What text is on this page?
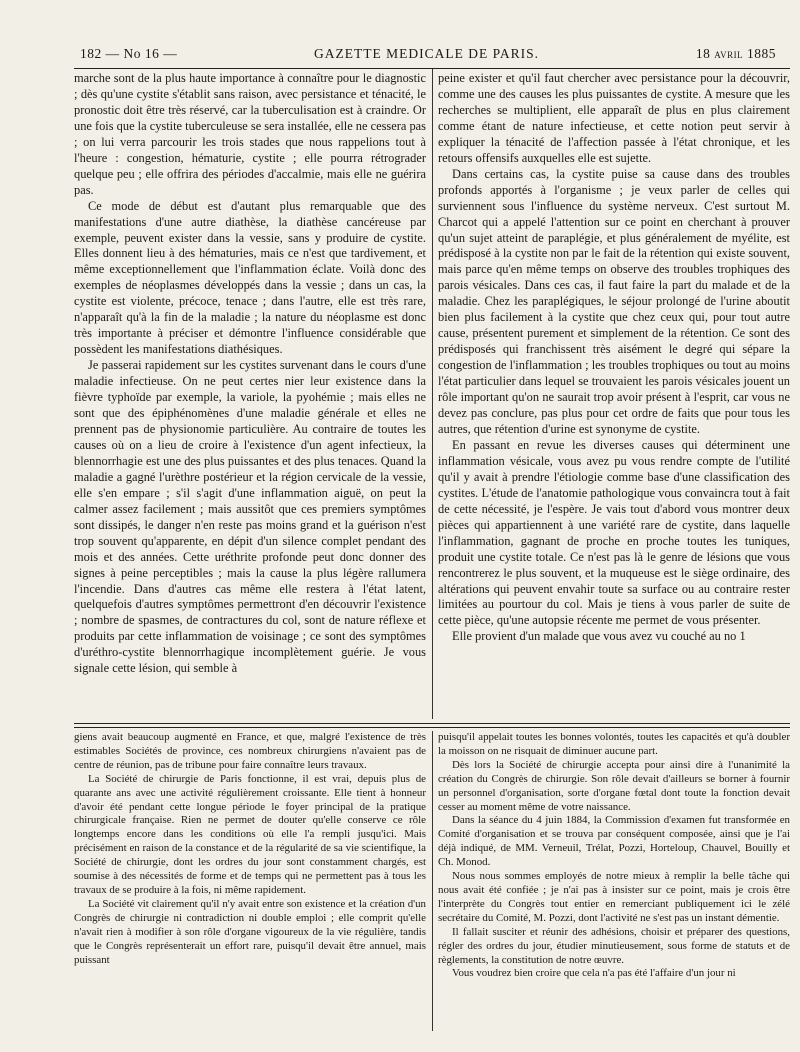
182 — No 16 —	GAZETTE MEDICALE DE PARIS.	18 avril 1885

marche sont de la plus haute importance à connaître pour le diagnostic ; dès qu'une cystite s'établit sans raison, avec persistance et ténacité, le pronostic doit être très réservé, car la tuberculisation est à craindre. Or une fois que la cystite tuberculeuse se sera installée, elle ne cessera pas ; on lui verra parcourir les trois stades que nous rappelions tout à l'heure : congestion, hématurie, cystite ; elle pourra rétrograder quelque peu ; elle offrira des périodes d'accalmie, mais elle ne guérira pas.

Ce mode de début est d'autant plus remarquable que des manifestations d'une autre diathèse, la diathèse cancéreuse par exemple, peuvent exister dans la vessie, sans y produire de cystite. Elles donnent lieu à des hématuries, mais ce n'est que tardivement, et même exceptionnellement que l'inflammation éclate. Voilà donc des exemples de néoplasmes développés dans la vessie ; dans un cas, la cystite est violente, précoce, tenace ; dans l'autre, elle est très rare, n'apparaît qu'à la fin de la maladie ; la nature du néoplasme est donc très importante à préciser et démontre l'influence considérable que possèdent les manifestations diathésiques.

Je passerai rapidement sur les cystites survenant dans le cours d'une maladie infectieuse. On ne peut certes nier leur existence dans la fièvre typhoïde par exemple, la variole, la pyohémie ; mais elles ne sont que des épiphénomènes d'une maladie générale et elles ne prennent pas de physionomie particulière. Au contraire de toutes les causes où on a lieu de croire à l'existence d'un agent infectieux, la blennorrhagie est une des plus puissantes et des plus tenaces. Quand la maladie a gagné l'urèthre postérieur et la région cervicale de la vessie, elle s'en empare ; s'il s'agit d'une inflammation aiguë, on peut la calmer assez facilement ; mais aussitôt que ces premiers symptômes sont dissipés, le danger n'en reste pas moins grand et la guérison n'est trop souvent qu'apparente, en dépit d'un silence complet pendant des mois et des années. Cette uréthrite profonde peut donc donner des signes à peine perceptibles ; mais la cause la plus légère rallumera l'incendie. Dans d'autres cas même elle restera à l'état latent, quelquefois d'autres symptômes permettront d'en découvrir l'existence ; nombre de spasmes, de contractures du col, sont de nature réflexe et produits par cette inflammation de voisinage ; ce sont des symptômes d'uréthro-cystite blennorrhagique incomplètement guérie. Je vous signale cette lésion, qui semble à

peine exister et qu'il faut chercher avec persistance pour la découvrir, comme une des causes les plus puissantes de cystite. A mesure que les recherches se multiplient, elle apparaît de plus en plus clairement comme étant de nature infectieuse, et cette notion peut servir à expliquer la ténacité de l'affection passée à l'état chronique, et les retours offensifs auxquelles elle est sujette.

Dans certains cas, la cystite puise sa cause dans des troubles profonds apportés à l'organisme ; je veux parler de celles qui surviennent sous l'influence du système nerveux. C'est surtout M. Charcot qui a appelé l'attention sur ce point en cherchant à prouver qu'un sujet atteint de paraplégie, et plus généralement de myélite, est prédisposé à la cystite non par le fait de la rétention qui existe souvent, mais parce qu'en même temps on observe des troubles trophiques des parois vésicales. Dans ces cas, il faut faire la part du malade et de la maladie. Chez les paraplégiques, le séjour prolongé de l'urine aboutit bien plus facilement à la cystite que chez ceux qui, pour tout autre cause, présentent purement et simplement de la rétention. Ce sont des prédisposés qui franchissent très aisément le degré qui sépare la congestion de l'inflammation ; les troubles trophiques ou tout au moins l'état particulier dans lequel se trouvaient les parois vésicales jouent un rôle important qu'on ne saurait trop avoir présent à l'esprit, car vous ne devez pas conclure, pas plus pour cet ordre de faits que pour tous les autres, que rétention d'urine est synonyme de cystite.

En passant en revue les diverses causes qui déterminent une inflammation vésicale, vous avez pu vous rendre compte de l'utilité qu'il y avait à prendre l'étiologie comme base d'une classification des cystites. L'étude de l'anatomie pathologique vous convaincra tout à fait de cette nécessité, je l'espère. Je vais tout d'abord vous montrer deux pièces qui appartiennent à une variété rare de cystite, dans laquelle l'inflammation, gagnant de proche en proche toutes les tuniques, produit une cystite totale. Ce n'est pas là le genre de lésions que vous rencontrerez le plus souvent, et la muqueuse est le siège ordinaire, des altérations qui peuvent envahir toute sa surface ou au contraire rester limitées au pourtour du col. Mais je tiens à vous parler de suite de cette pièce, qu'une autopsie récente me permet de vous présenter.

Elle provient d'un malade que vous avez vu couché au no 1

giens avait beaucoup augmenté en France, et que, malgré l'existence de très estimables Sociétés de province, ces nombreux chirurgiens n'avaient pas de centre de réunion, pas de tribune pour faire connaître leurs travaux.

La Société de chirurgie de Paris fonctionne, il est vrai, depuis plus de quarante ans avec une activité régulièrement croissante. Elle tient à honneur d'avoir été pendant cette longue période le foyer principal de la pratique chirurgicale française. Rien ne permet de douter qu'elle conserve ce rôle longtemps encore dans les conditions où elle l'a rempli jusqu'ici. Mais précisément en raison de la constance et de la régularité de sa vie scientifique, la Société de chirurgie, dont les ordres du jour sont constamment chargés, est soumise à des nécessités de forme et de temps qui ne permettent pas à tous les travaux de se produire à la fois, ni même rapidement.

La Société vit clairement qu'il n'y avait entre son existence et la création d'un Congrès de chirurgie ni contradiction ni double emploi ; elle comprit qu'elle n'avait rien à modifier à son rôle d'organe vigoureux de la vie régulière, tandis que le Congrès représenterait un effort rare, puisqu'il devait être annuel, mais puissant

puisqu'il appelait toutes les bonnes volontés, toutes les capacités et qu'à doubler la moisson on ne risquait de diminuer aucune part.

Dès lors la Société de chirurgie accepta pour ainsi dire à l'unanimité la création du Congrès de chirurgie. Son rôle devait d'ailleurs se borner à fournir un personnel d'organisation, sorte d'organe fœtal dont toute la fonction devait cesser au moment même de votre naissance.

Dans la séance du 4 juin 1884, la Commission d'examen fut transformée en Comité d'organisation et se trouva par conséquent composée, ainsi que je l'ai déjà indiqué, de MM. Verneuil, Trélat, Pozzi, Horteloup, Chauvel, Bouilly et Ch. Monod.

Nous nous sommes employés de notre mieux à remplir la belle tâche qui nous avait été confiée ; je n'ai pas à insister sur ce point, mais je crois être l'interprète du Congrès tout entier en remerciant publiquement ici le zélé secrétaire du Comité, M. Pozzi, dont l'activité ne s'est pas un instant démentie.

Il fallait susciter et réunir des adhésions, choisir et préparer des questions, régler des ordres du jour, étudier minutieusement, sous forme de statuts et de règlements, la constitution de notre œuvre.

Vous voudrez bien croire que cela n'a pas été l'affaire d'un jour ni
